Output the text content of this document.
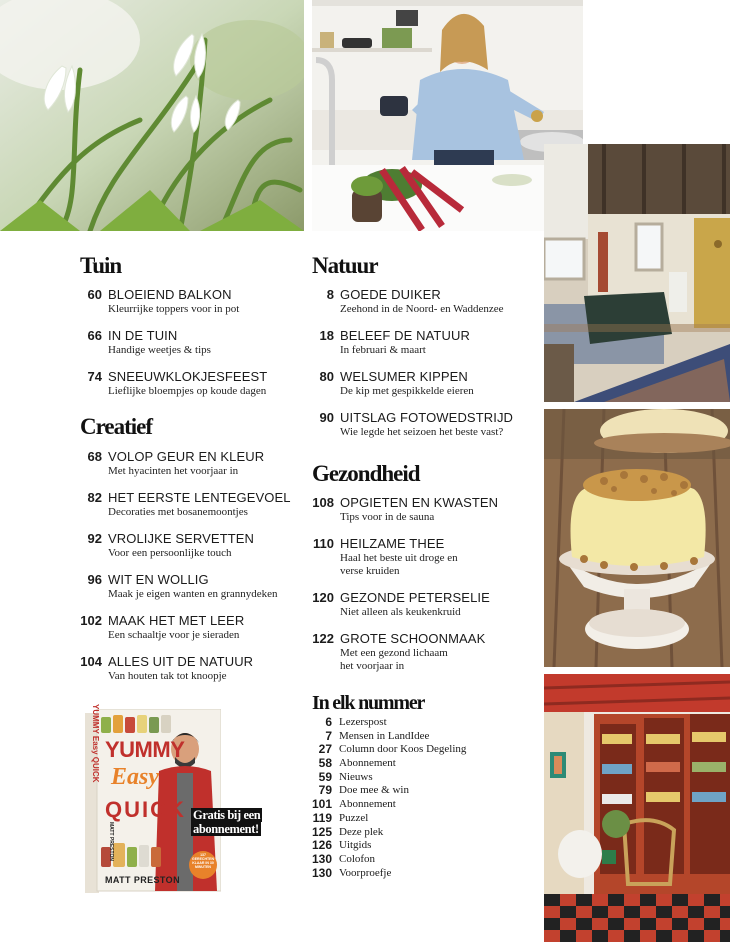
Tuin
60 BLOEIEND BALKON
Kleurrijke toppers voor in pot
66 IN DE TUIN
Handige weetjes & tips
74 SNEEUWKLOKJESFEEST
Lieflijke bloempjes op koude dagen
Creatief
68 VOLOP GEUR EN KLEUR
Met hyacinten het voorjaar in
82 HET EERSTE LENTEGEVOEL
Decoraties met bosanemoontjes
92 VROLIJKE SERVETTEN
Voor een persoonlijke touch
96 WIT EN WOLLIG
Maak je eigen wanten en grannydeken
102 MAAK HET MET LEER
Een schaaltje voor je sieraden
104 ALLES UIT DE NATUUR
Van houten tak tot knoopje
Natuur
8 GOEDE DUIKER
Zeehond in de Noord- en Waddenzee
18 BELEEF DE NATUUR
In februari & maart
80 WELSUMER KIPPEN
De kip met gespikkelde eieren
90 UITSLAG FOTOWEDSTRIJD
Wie legde het seizoen het beste vast?
Gezondheid
108 OPGIETEN EN KWASTEN
Tips voor in de sauna
110 HEILZAME THEE
Haal het beste uit droge en
verse kruiden
120 GEZONDE PETERSELIE
Niet alleen als keukenkruid
122 GROTE SCHOONMAAK
Met een gezond lichaam
het voorjaar in
In elk nummer
6 Lezerspost
7 Mensen in LandIdee
27 Column door Koos Degeling
58 Abonnement
59 Nieuws
79 Doe mee & win
101 Abonnement
119 Puzzel
125 Deze plek
126 Uitgids
130 Colofon
130 Voorproefje
YUMMY
Easy
QUICK
MATT PRESTON
137 GERECHTEN KLAAR IN 30 MINUTEN
YUMMY Easy QUICK
MATT PRESTON
Gratis bij een
abonnement!
